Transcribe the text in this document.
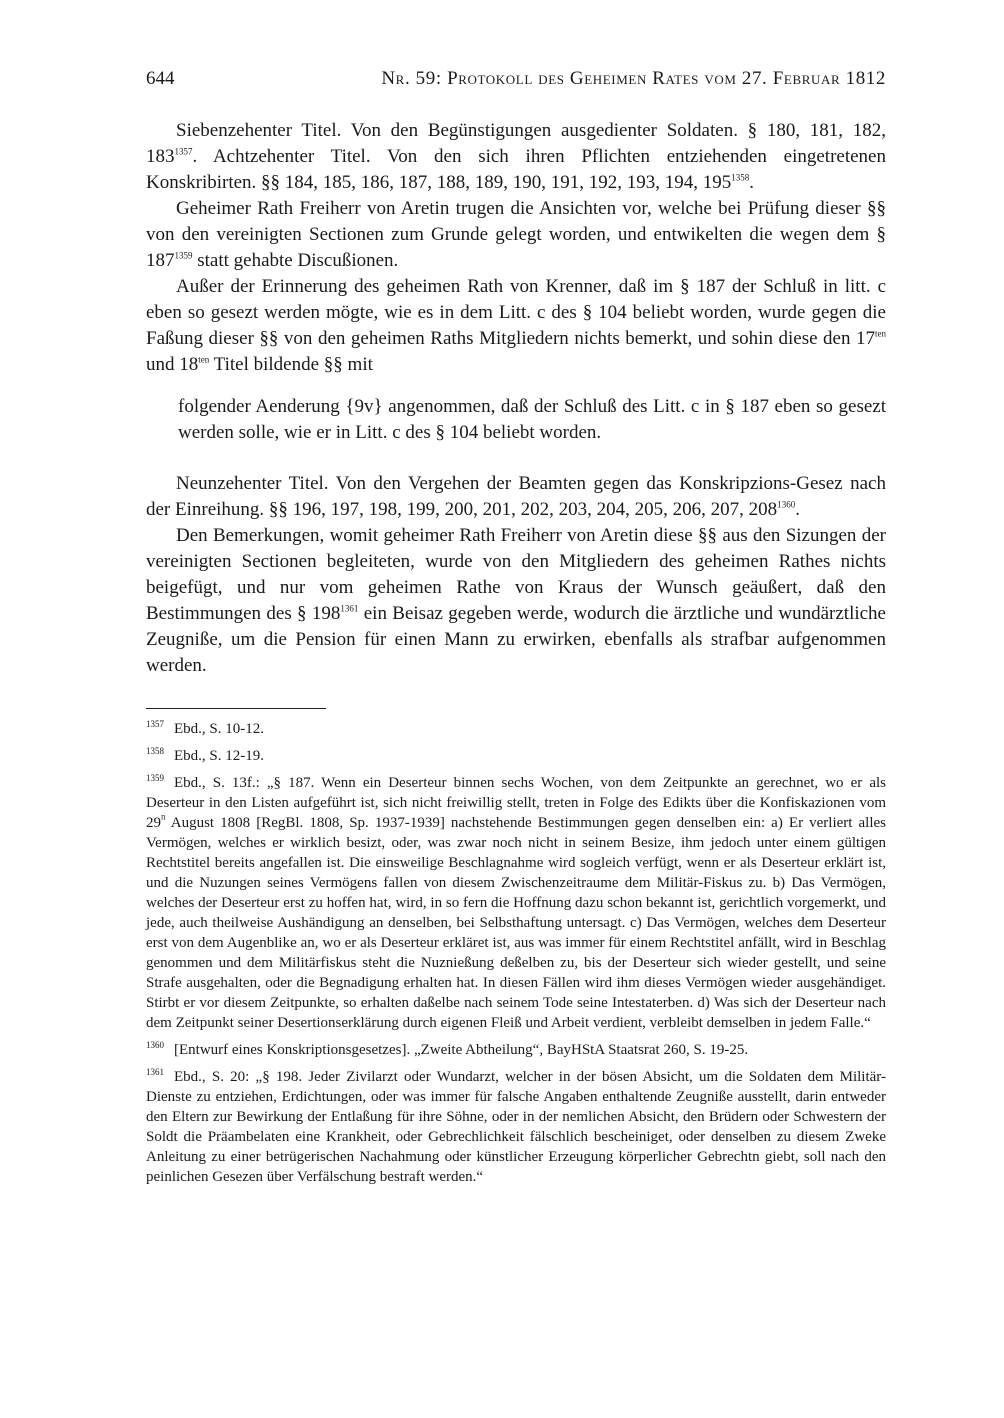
644	Nr. 59: Protokoll des Geheimen Rates vom 27. Februar 1812

Siebenzehenter Titel. Von den Begünstigungen ausgedienter Soldaten. § 180, 181, 182, $183^{1357}$. Achtzehenter Titel. Von den sich ihren Pflichten entziehenden eingetretenen Konskribirten. §§ 184, 185, 186, 187, 188, 189, 190, 191, 192, 193, 194, $195^{1358}$.

Geheimer Rath Freiherr von Aretin trugen die Ansichten vor, welche bei Prüfung dieser §§ von den vereinigten Sectionen zum Grunde gelegt worden, und entwikelten die wegen dem § $187^{1359}$ statt gehabte Discußionen.

Außer der Erinnerung des geheimen Rath von Krenner, daß im § 187 der Schluß in litt. c eben so gesezt werden mögte, wie es in dem Litt. c des § 104 beliebt worden, wurde gegen die Faßung dieser §§ von den geheimen Raths Mitgliedern nichts bemerkt, und sohin diese den $17^{ten}$ und $18^{ten}$ Titel bildende §§ mit

folgender Aenderung {9v} angenommen, daß der Schluß des Litt. c in § 187 eben so gesezt werden solle, wie er in Litt. c des § 104 beliebt worden.

Neunzehenter Titel. Von den Vergehen der Beamten gegen das Konskripzions-Gesez nach der Einreihung. §§ 196, 197, 198, 199, 200, 201, 202, 203, 204, 205, 206, 207, $208^{1360}$.

Den Bemerkungen, womit geheimer Rath Freiherr von Aretin diese §§ aus den Sizungen der vereinigten Sectionen begleiteten, wurde von den Mitgliedern des geheimen Rathes nichts beigefügt, und nur vom geheimen Rathe von Kraus der Wunsch geäußert, daß den Bestimmungen des § $198^{1361}$ ein Beisaz gegeben werde, wodurch die ärztliche und wundärztliche Zeugniße, um die Pension für einen Mann zu erwirken, ebenfalls als strafbar aufgenommen werden.

$^{1357}$ Ebd., S. 10-12.

$^{1358}$ Ebd., S. 12-19.

$^{1359}$ Ebd., S. 13f.: „§ 187. Wenn ein Deserteur binnen sechs Wochen, von dem Zeitpunkte an gerechnet, wo er als Deserteur in den Listen aufgeführt ist, sich nicht freiwillig stellt, treten in Folge des Edikts über die Konfiskazionen vom 29$^n$ August 1808 [RegBl. 1808, Sp. 1937-1939] nachstehende Bestimmungen gegen denselben ein: a) Er verliert alles Vermögen, welches er wirklich besizt, oder, was zwar noch nicht in seinem Besize, ihm jedoch unter einem gültigen Rechtstitel bereits angefallen ist. Die einsweilige Beschlagnahme wird sogleich verfügt, wenn er als Deserteur erklärt ist, und die Nuzungen seines Vermögens fallen von diesem Zwischenzeitraume dem Militär-Fiskus zu. b) Das Vermögen, welches der Deserteur erst zu hoffen hat, wird, in so fern die Hoffnung dazu schon bekannt ist, gerichtlich vorgemerkt, und jede, auch theilweise Aushändigung an denselben, bei Selbsthaftung untersagt. c) Das Vermögen, welches dem Deserteur erst von dem Augenblike an, wo er als Deserteur erkläret ist, aus was immer für einem Rechtstitel anfällt, wird in Beschlag genommen und dem Militärfiskus steht die Nuznießung deßelben zu, bis der Deserteur sich wieder gestellt, und seine Strafe ausgehalten, oder die Begnadigung erhalten hat. In diesen Fällen wird ihm dieses Vermögen wieder ausgehändiget. Stirbt er vor diesem Zeitpunkte, so erhalten daßelbe nach seinem Tode seine Intestaterben. d) Was sich der Deserteur nach dem Zeitpunkt seiner Desertionserklärung durch eigenen Fleiß und Arbeit verdient, verbleibt demselben in jedem Falle.“

$^{1360}$ [Entwurf eines Konskriptionsgesetzes]. „Zweite Abtheilung“, BayHStA Staatsrat 260, S. 19-25.

$^{1361}$ Ebd., S. 20: „§ 198. Jeder Zivilarzt oder Wundarzt, welcher in der bösen Absicht, um die Soldaten dem Militär-Dienste zu entziehen, Erdichtungen, oder was immer für falsche Angaben enthaltende Zeugniße ausstellt, darin entweder den Eltern zur Bewirkung der Entlaßung für ihre Söhne, oder in der nemlichen Absicht, den Brüdern oder Schwestern der Soldt die Präambelaten eine Krankheit, oder Gebrechlichkeit fälschlich bescheiniget, oder denselben zu diesem Zweke Anleitung zu einer betrügerischen Nachahmung oder künstlicher Erzeugung körperlicher Gebrechtn giebt, soll nach den peinlichen Gesezen über Verfälschung bestraft werden.“
